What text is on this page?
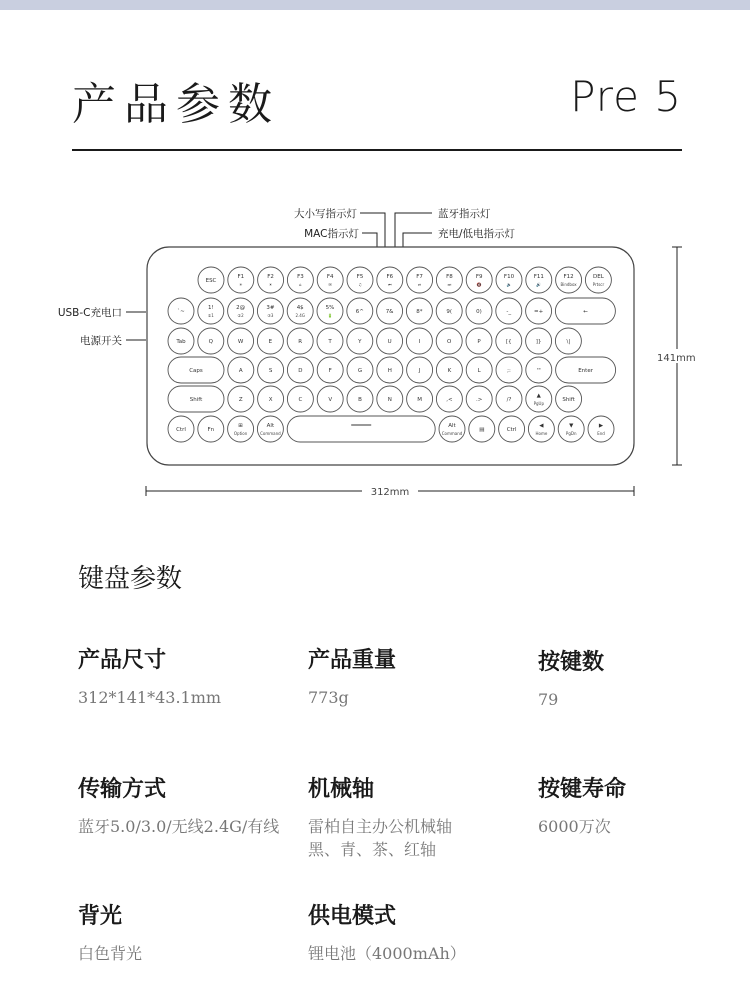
产品参数	Pre 5
大小写指示灯
MAC指示灯
蓝牙指示灯
充电/低电指示灯
USB-C充电口
电源开关
312mm
141mm
ESC
F1
☀
F2
☀
F3
⌂
F4
✉
F5
♫
F6
⏮
F7
⏯
F8
⏭
F9
🔇
F10
🔉
F11
🔊
F12
Bindbox
DEL
Prtscr
`~
1!
①1
2@
②2
3#
③3
4$
2.4G
5%
🔋
6^	7&	8*	9(	0)	-_	=+	←
Tab	Q	W	E	R	T	Y	U	I	O	P	[{	]}	\|
Caps	A	S	D	F	G	H	J	K	L	;:	'"	Enter
Shift	Z	X	C	V	B	N	M	,<	.>	/?
▲
PgUp
Shift
Ctrl	Fn
⊞
Option
Alt
Command
Alt
Command
▤	Ctrl
◀
Home
▼
PgDn
▶
End
键盘参数
产品尺寸
312*141*43.1mm
产品重量
773g
按键数
79
传输方式
蓝牙5.0/3.0/无线2.4G/有线
机械轴
雷柏自主办公机械轴
黑、青、茶、红轴
按键寿命
6000万次
背光
白色背光
供电模式
锂电池（4000mAh）
